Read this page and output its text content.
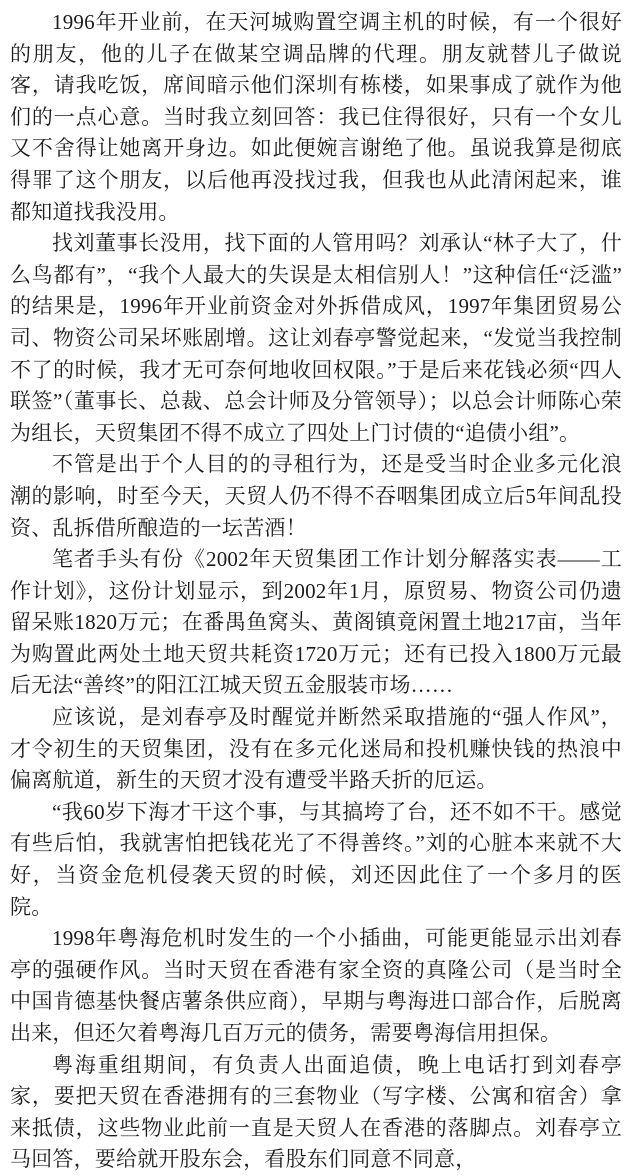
1996年开业前，在天河城购置空调主机的时候，有一个很好的朋友，他的儿子在做某空调品牌的代理。朋友就替儿子做说客，请我吃饭，席间暗示他们深圳有栋楼，如果事成了就作为他们的一点心意。当时我立刻回答：我已住得很好，只有一个女儿又不舍得让她离开身边。如此便婉言谢绝了他。虽说我算是彻底得罪了这个朋友，以后他再没找过我，但我也从此清闲起来，谁都知道找我没用。

找刘董事长没用，找下面的人管用吗？刘承认“林子大了，什么鸟都有”，“我个人最大的失误是太相信别人！”这种信任“泛滥”的结果是，1996年开业前资金对外拆借成风，1997年集团贸易公司、物资公司呆坏账剧增。这让刘春亭警觉起来，“发觉当我控制不了的时候，我才无可奈何地收回权限。”于是后来花钱必须“四人联签”（董事长、总裁、总会计师及分管领导）；以总会计师陈心荣为组长，天贸集团不得不成立了四处上门讨债的“追债小组”。

不管是出于个人目的的寻租行为，还是受当时企业多元化浪潮的影响，时至今天，天贸人仍不得不吞咽集团成立后5年间乱投资、乱拆借所酿造的一坛苦酒！

笔者手头有份《2002年天贸集团工作计划分解落实表——工作计划》，这份计划显示，到2002年1月，原贸易、物资公司仍遗留呆账1820万元；在番禺鱼窝头、黄阁镇竟闲置土地217亩，当年为购置此两处土地天贸共耗资1720万元；还有已投入1800万元最后无法“善终”的阳江江城天贸五金服装市场……

应该说，是刘春亭及时醒觉并断然采取措施的“强人作风”，才令初生的天贸集团，没有在多元化迷局和投机赚快钱的热浪中偏离航道，新生的天贸才没有遭受半路夭折的厄运。

“我60岁下海才干这个事，与其搞垮了台，还不如不干。感觉有些后怕，我就害怕把钱花光了不得善终。”刘的心脏本来就不大好，当资金危机侵袭天贸的时候，刘还因此住了一个多月的医院。

1998年粤海危机时发生的一个小插曲，可能更能显示出刘春亭的强硬作风。当时天贸在香港有家全资的真隆公司（是当时全中国肯德基快餐店薯条供应商），早期与粤海进口部合作，后脱离出来，但还欠着粤海几百万元的债务，需要粤海信用担保。

粤海重组期间，有负责人出面追债，晚上电话打到刘春亭家，要把天贸在香港拥有的三套物业（写字楼、公寓和宿舍）拿来抵债，这些物业此前一直是天贸人在香港的落脚点。刘春亭立马回答，要给就开股东会，看股东们同意不同意，
